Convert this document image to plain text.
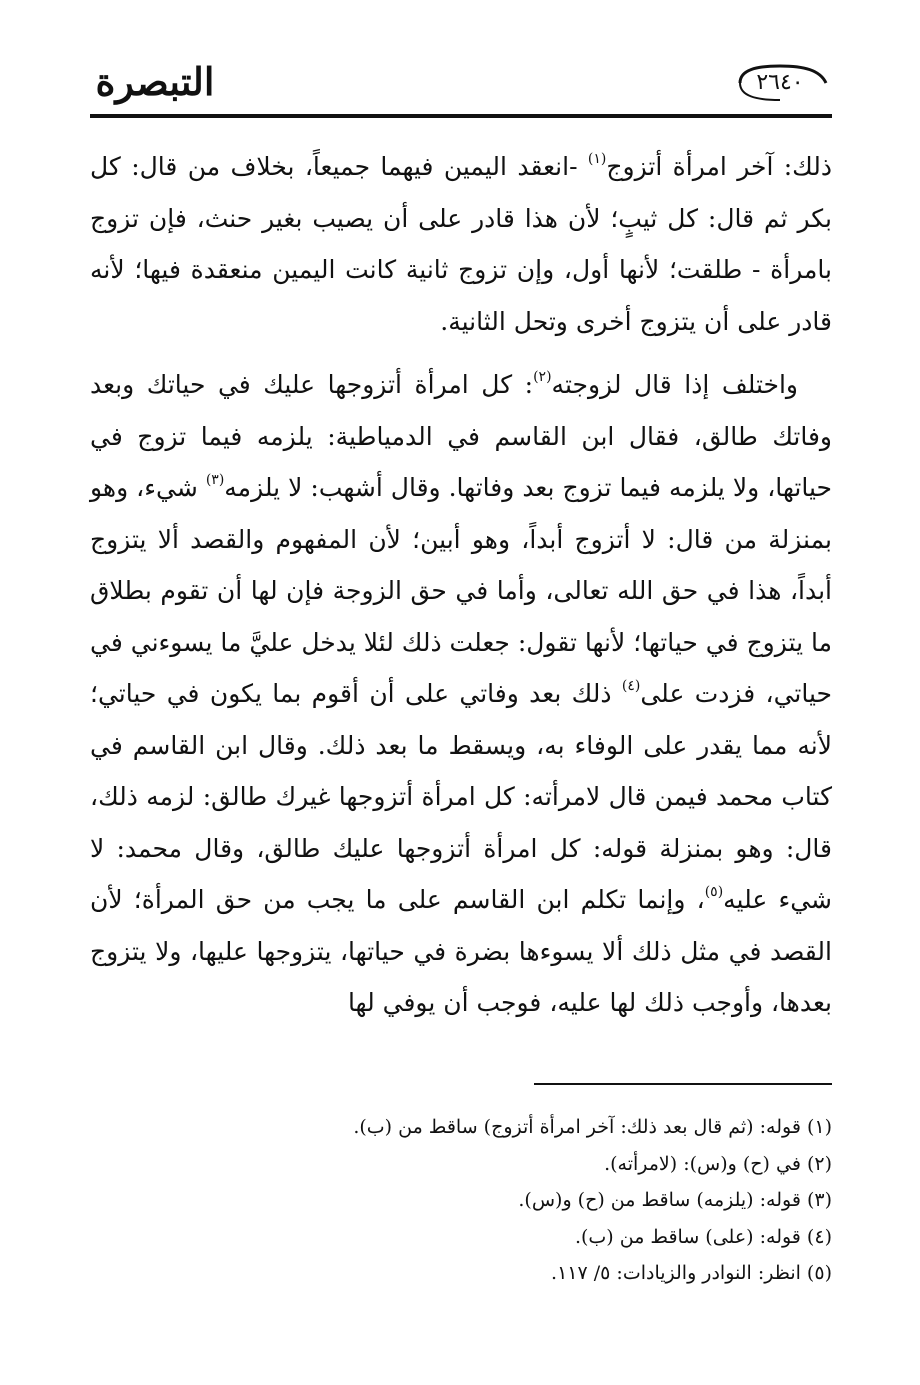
التبصرة	٢٦٤٠

ذلك: آخر امرأة أتزوج$^{(١)}$ -انعقد اليمين فيهما جميعاً، بخلاف من قال: كل بكر ثم قال: كل ثيبٍ؛ لأن هذا قادر على أن يصيب بغير حنث، فإن تزوج بامرأة - طلقت؛ لأنها أول، وإن تزوج ثانية كانت اليمين منعقدة فيها؛ لأنه قادر على أن يتزوج أخرى وتحل الثانية.

واختلف إذا قال لزوجته$^{(٢)}$: كل امرأة أتزوجها عليك في حياتك وبعد وفاتك طالق، فقال ابن القاسم في الدمياطية: يلزمه فيما تزوج في حياتها، ولا يلزمه فيما تزوج بعد وفاتها. وقال أشهب: لا يلزمه$^{(٣)}$ شيء، وهو بمنزلة من قال: لا أتزوج أبداً، وهو أبين؛ لأن المفهوم والقصد ألا يتزوج أبداً، هذا في حق الله تعالى، وأما في حق الزوجة فإن لها أن تقوم بطلاق ما يتزوج في حياتها؛ لأنها تقول: جعلت ذلك لئلا يدخل عليَّ ما يسوءني في حياتي، فزدت على$^{(٤)}$ ذلك بعد وفاتي على أن أقوم بما يكون في حياتي؛ لأنه مما يقدر على الوفاء به، ويسقط ما بعد ذلك. وقال ابن القاسم في كتاب محمد فيمن قال لامرأته: كل امرأة أتزوجها غيرك طالق: لزمه ذلك، قال: وهو بمنزلة قوله: كل امرأة أتزوجها عليك طالق، وقال محمد: لا شيء عليه$^{(٥)}$، وإنما تكلم ابن القاسم على ما يجب من حق المرأة؛ لأن القصد في مثل ذلك ألا يسوءها بضرة في حياتها، يتزوجها عليها، ولا يتزوج بعدها، وأوجب ذلك لها عليه، فوجب أن يوفي لها

(١) قوله: (ثم قال بعد ذلك: آخر امرأة أتزوج) ساقط من (ب).

(٢) في (ح) و(س): (لامرأته).

(٣) قوله: (يلزمه) ساقط من (ح) و(س).

(٤) قوله: (على) ساقط من (ب).

(٥) انظر: النوادر والزيادات: ٥/ ١١٧.
